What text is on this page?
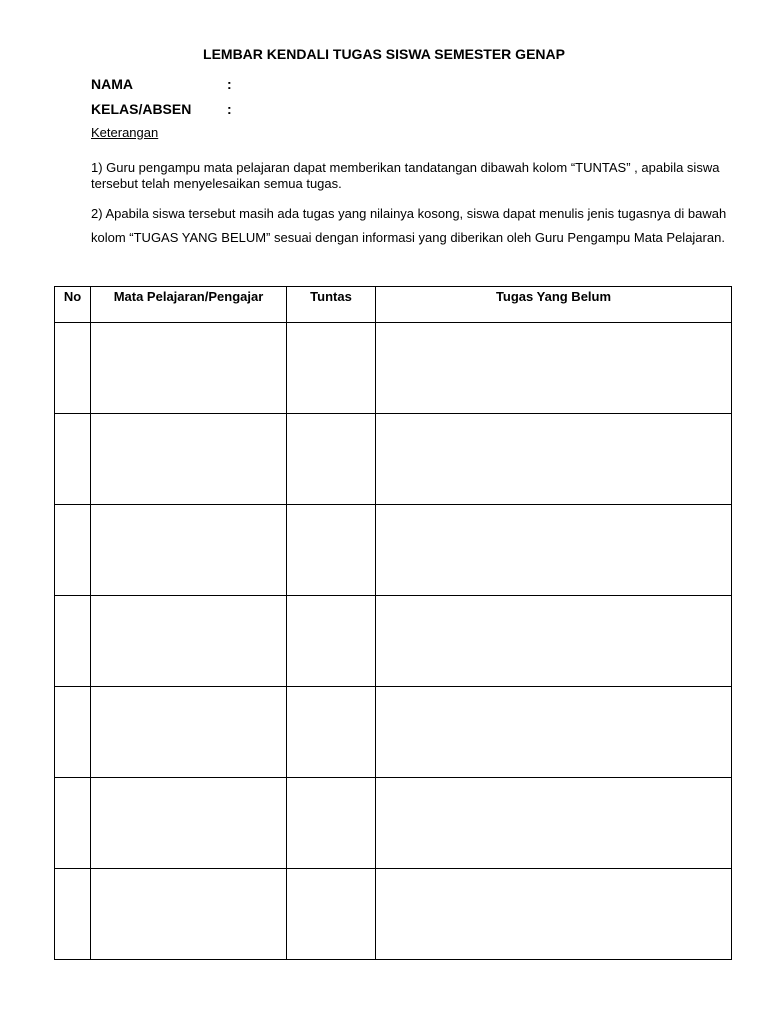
LEMBAR KENDALI TUGAS SISWA SEMESTER GENAP
NAMA	:
KELAS/ABSEN	:
Keterangan
1) Guru pengampu mata pelajaran dapat memberikan tandatangan dibawah kolom “TUNTAS” , apabila siswa tersebut telah menyelesaikan semua tugas.
2) Apabila siswa tersebut masih ada tugas yang nilainya kosong, siswa dapat menulis jenis tugasnya di bawah kolom “TUGAS YANG BELUM” sesuai dengan informasi yang diberikan oleh Guru Pengampu Mata Pelajaran.
No	Mata Pelajaran/Pengajar	Tuntas	Tugas Yang Belum
